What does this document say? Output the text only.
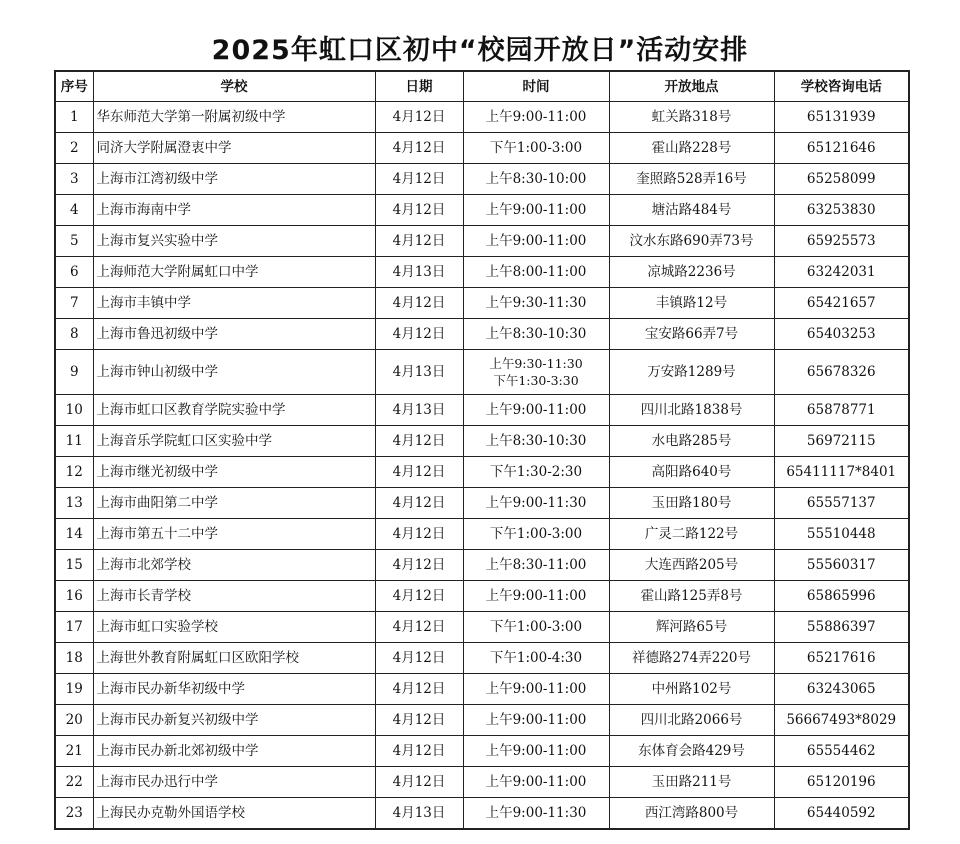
2025年虹口区初中“校园开放日”活动安排
序号	学校	日期	时间	开放地点	学校咨询电话
1	华东师范大学第一附属初级中学	4月12日	上午9:00-11:00	虹关路318号	65131939
2	同济大学附属澄衷中学	4月12日	下午1:00-3:00	霍山路228号	65121646
3	上海市江湾初级中学	4月12日	上午8:30-10:00	奎照路528弄16号	65258099
4	上海市海南中学	4月12日	上午9:00-11:00	塘沽路484号	63253830
5	上海市复兴实验中学	4月12日	上午9:00-11:00	汶水东路690弄73号	65925573
6	上海师范大学附属虹口中学	4月13日	上午8:00-11:00	凉城路2236号	63242031
7	上海市丰镇中学	4月12日	上午9:30-11:30	丰镇路12号	65421657
8	上海市鲁迅初级中学	4月12日	上午8:30-10:30	宝安路66弄7号	65403253
9	上海市钟山初级中学	4月13日	上午9:30-11:30
下午1:30-3:30	万安路1289号	65678326
10	上海市虹口区教育学院实验中学	4月13日	上午9:00-11:00	四川北路1838号	65878771
11	上海音乐学院虹口区实验中学	4月12日	上午8:30-10:30	水电路285号	56972115
12	上海市继光初级中学	4月12日	下午1:30-2:30	高阳路640号	65411117*8401
13	上海市曲阳第二中学	4月12日	上午9:00-11:30	玉田路180号	65557137
14	上海市第五十二中学	4月12日	下午1:00-3:00	广灵二路122号	55510448
15	上海市北郊学校	4月12日	上午8:30-11:00	大连西路205号	55560317
16	上海市长青学校	4月12日	上午9:00-11:00	霍山路125弄8号	65865996
17	上海市虹口实验学校	4月12日	下午1:00-3:00	辉河路65号	55886397
18	上海世外教育附属虹口区欧阳学校	4月12日	下午1:00-4:30	祥德路274弄220号	65217616
19	上海市民办新华初级中学	4月12日	上午9:00-11:00	中州路102号	63243065
20	上海市民办新复兴初级中学	4月12日	上午9:00-11:00	四川北路2066号	56667493*8029
21	上海市民办新北郊初级中学	4月12日	上午9:00-11:00	东体育会路429号	65554462
22	上海市民办迅行中学	4月12日	上午9:00-11:00	玉田路211号	65120196
23	上海民办克勒外国语学校	4月13日	上午9:00-11:30	西江湾路800号	65440592
